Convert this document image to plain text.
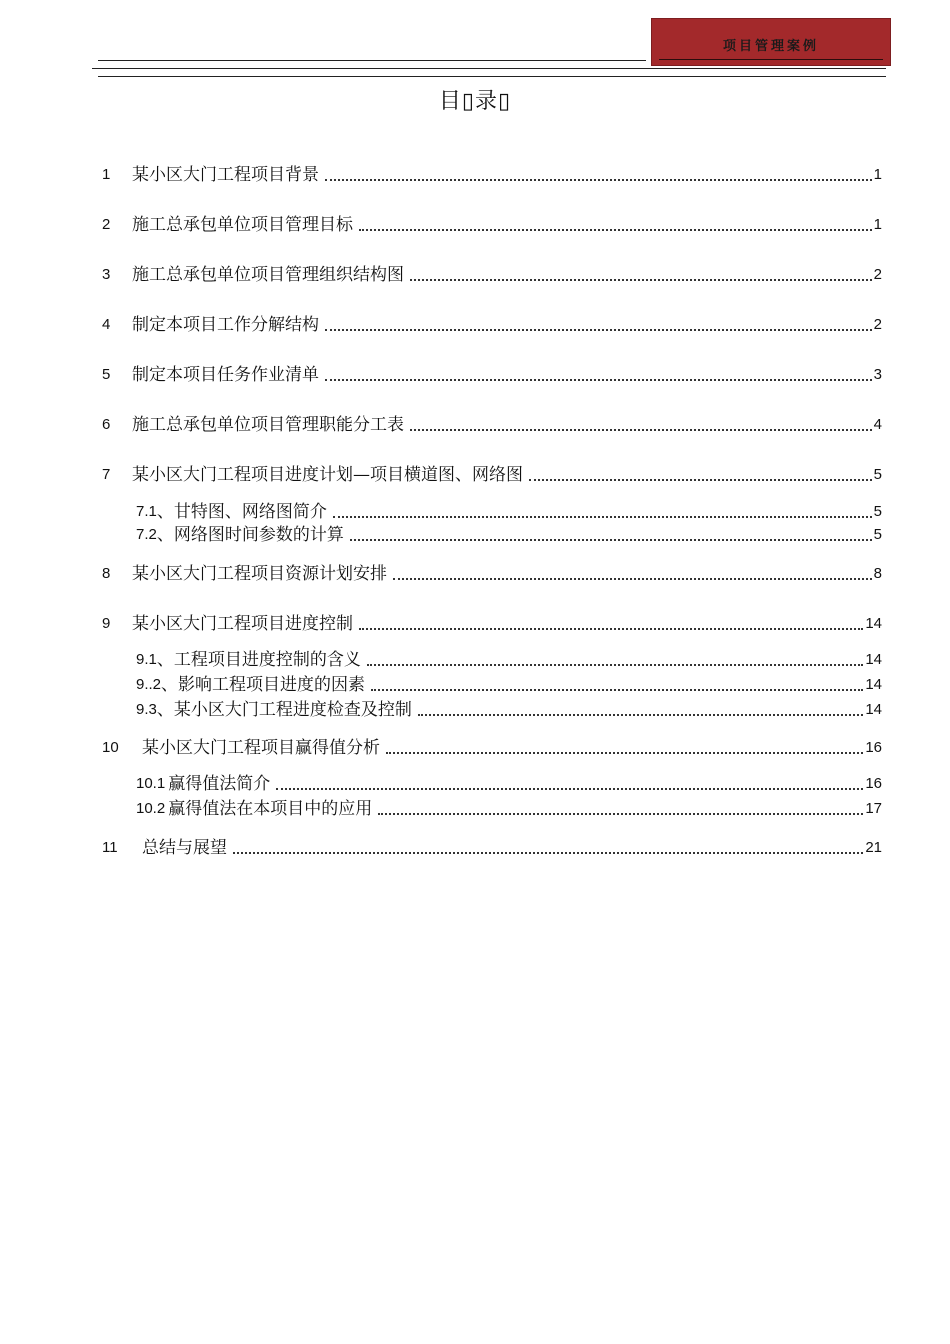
项目管理案例
目▯录▯
1	某小区大门工程项目背景	1
2	施工总承包单位项目管理目标	1
3	施工总承包单位项目管理组织结构图	2
4	制定本项目工作分解结构	2
5	制定本项目任务作业清单	3
6	施工总承包单位项目管理职能分工表	4
7	某小区大门工程项目进度计划—项目横道图、网络图	5
7.1 、甘特图、网络图简介	5
7.2 、网络图时间参数的计算	5
8	某小区大门工程项目资源计划安排	8
9	某小区大门工程项目进度控制	14
9.1 、工程项目进度控制的含义	14
9..2 、影响工程项目进度的因素	14
9.3 、某小区大门工程进度检查及控制	14
10	某小区大门工程项目赢得值分析	16
10.1 赢得值法简介	16
10.2 赢得值法在本项目中的应用	17
11	总结与展望	21
